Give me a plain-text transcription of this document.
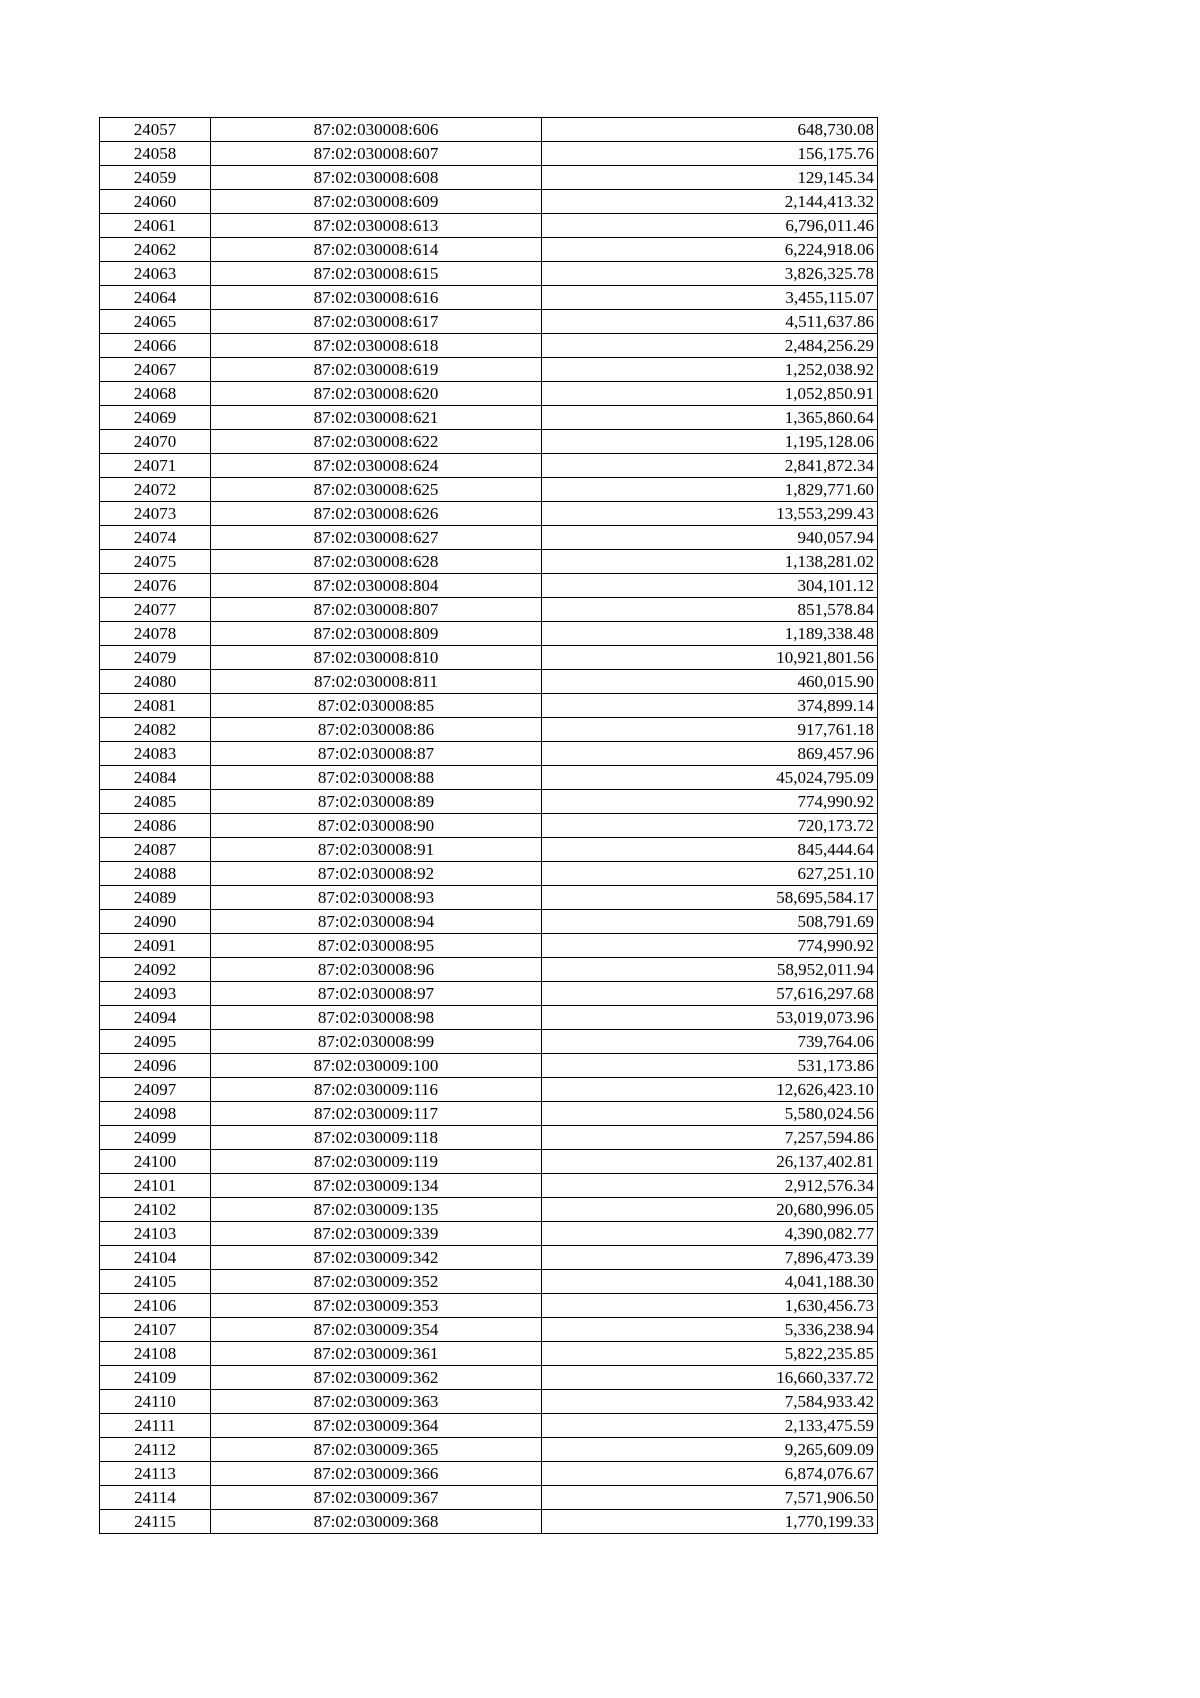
24057	87:02:030008:606	648,730.08
24058	87:02:030008:607	156,175.76
24059	87:02:030008:608	129,145.34
24060	87:02:030008:609	2,144,413.32
24061	87:02:030008:613	6,796,011.46
24062	87:02:030008:614	6,224,918.06
24063	87:02:030008:615	3,826,325.78
24064	87:02:030008:616	3,455,115.07
24065	87:02:030008:617	4,511,637.86
24066	87:02:030008:618	2,484,256.29
24067	87:02:030008:619	1,252,038.92
24068	87:02:030008:620	1,052,850.91
24069	87:02:030008:621	1,365,860.64
24070	87:02:030008:622	1,195,128.06
24071	87:02:030008:624	2,841,872.34
24072	87:02:030008:625	1,829,771.60
24073	87:02:030008:626	13,553,299.43
24074	87:02:030008:627	940,057.94
24075	87:02:030008:628	1,138,281.02
24076	87:02:030008:804	304,101.12
24077	87:02:030008:807	851,578.84
24078	87:02:030008:809	1,189,338.48
24079	87:02:030008:810	10,921,801.56
24080	87:02:030008:811	460,015.90
24081	87:02:030008:85	374,899.14
24082	87:02:030008:86	917,761.18
24083	87:02:030008:87	869,457.96
24084	87:02:030008:88	45,024,795.09
24085	87:02:030008:89	774,990.92
24086	87:02:030008:90	720,173.72
24087	87:02:030008:91	845,444.64
24088	87:02:030008:92	627,251.10
24089	87:02:030008:93	58,695,584.17
24090	87:02:030008:94	508,791.69
24091	87:02:030008:95	774,990.92
24092	87:02:030008:96	58,952,011.94
24093	87:02:030008:97	57,616,297.68
24094	87:02:030008:98	53,019,073.96
24095	87:02:030008:99	739,764.06
24096	87:02:030009:100	531,173.86
24097	87:02:030009:116	12,626,423.10
24098	87:02:030009:117	5,580,024.56
24099	87:02:030009:118	7,257,594.86
24100	87:02:030009:119	26,137,402.81
24101	87:02:030009:134	2,912,576.34
24102	87:02:030009:135	20,680,996.05
24103	87:02:030009:339	4,390,082.77
24104	87:02:030009:342	7,896,473.39
24105	87:02:030009:352	4,041,188.30
24106	87:02:030009:353	1,630,456.73
24107	87:02:030009:354	5,336,238.94
24108	87:02:030009:361	5,822,235.85
24109	87:02:030009:362	16,660,337.72
24110	87:02:030009:363	7,584,933.42
24111	87:02:030009:364	2,133,475.59
24112	87:02:030009:365	9,265,609.09
24113	87:02:030009:366	6,874,076.67
24114	87:02:030009:367	7,571,906.50
24115	87:02:030009:368	1,770,199.33
